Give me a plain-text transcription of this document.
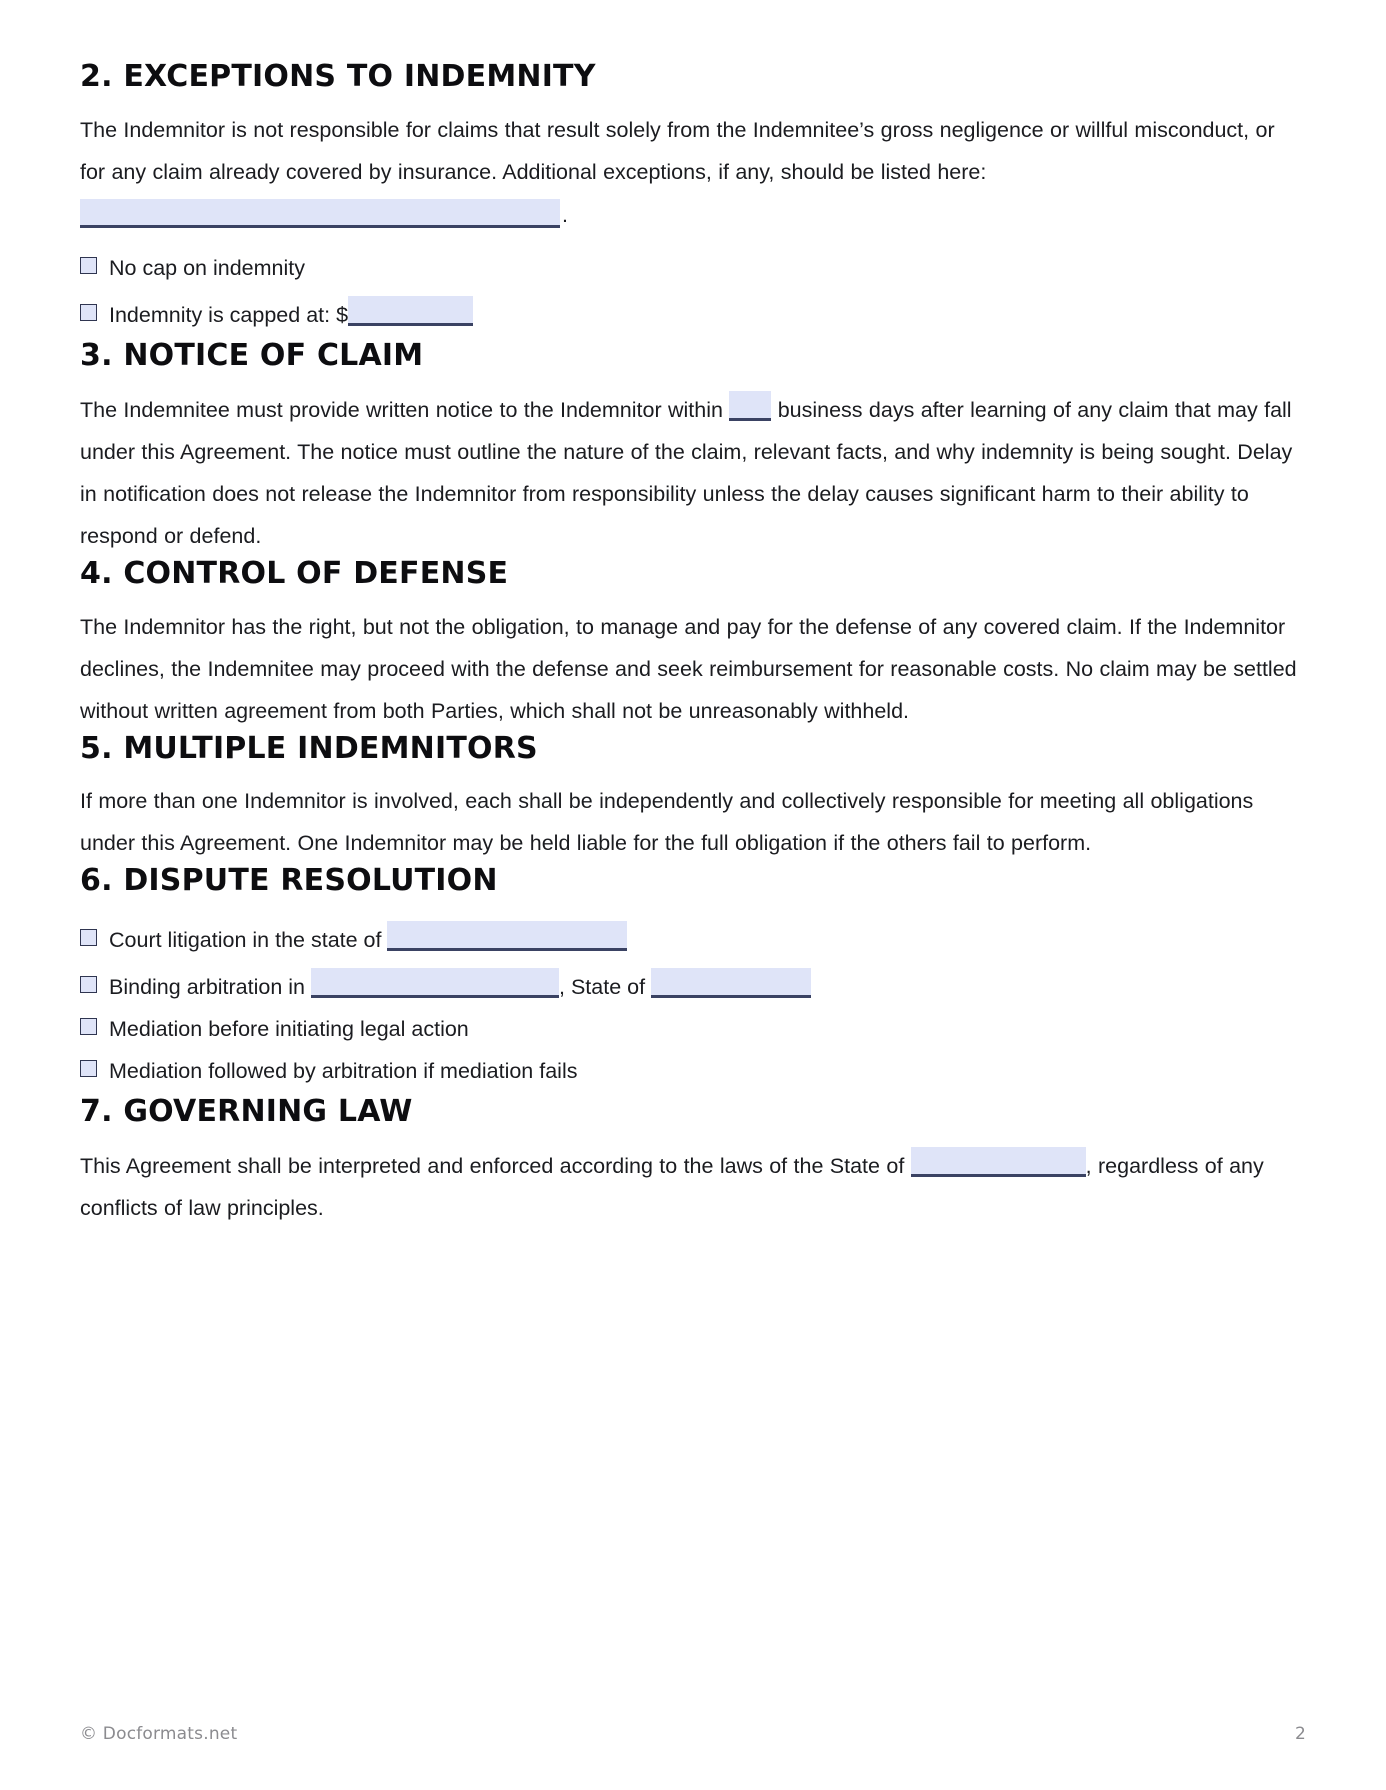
2. EXCEPTIONS TO INDEMNITY

The Indemnitor is not responsible for claims that result solely from the Indemnitee’s gross negligence or willful misconduct, or for any claim already covered by insurance. Additional exceptions, if any, should be listed here:

.
No cap on indemnity
Indemnity is capped at: $
3. NOTICE OF CLAIM

The Indemnitee must provide written notice to the Indemnitor within	business days after learning of any claim that may fall under this Agreement. The notice must outline the nature of the claim, relevant facts, and why indemnity is being sought. Delay in notification does not release the Indemnitor from responsibility unless the delay causes significant harm to their ability to respond or defend.

4. CONTROL OF DEFENSE

The Indemnitor has the right, but not the obligation, to manage and pay for the defense of any covered claim. If the Indemnitor declines, the Indemnitee may proceed with the defense and seek reimbursement for reasonable costs. No claim may be settled without written agreement from both Parties, which shall not be unreasonably withheld.

5. MULTIPLE INDEMNITORS

If more than one Indemnitor is involved, each shall be independently and collectively responsible for meeting all obligations under this Agreement. One Indemnitor may be held liable for the full obligation if the others fail to perform.

6. DISPUTE RESOLUTION
Court litigation in the state of

Binding arbitration in
	, State of

Mediation before initiating legal action
Mediation followed by arbitration if mediation fails
7. GOVERNING LAW

This Agreement shall be interpreted and enforced according to the laws of the State of	, regardless of any conflicts of law principles.

© Docformats.net	2
